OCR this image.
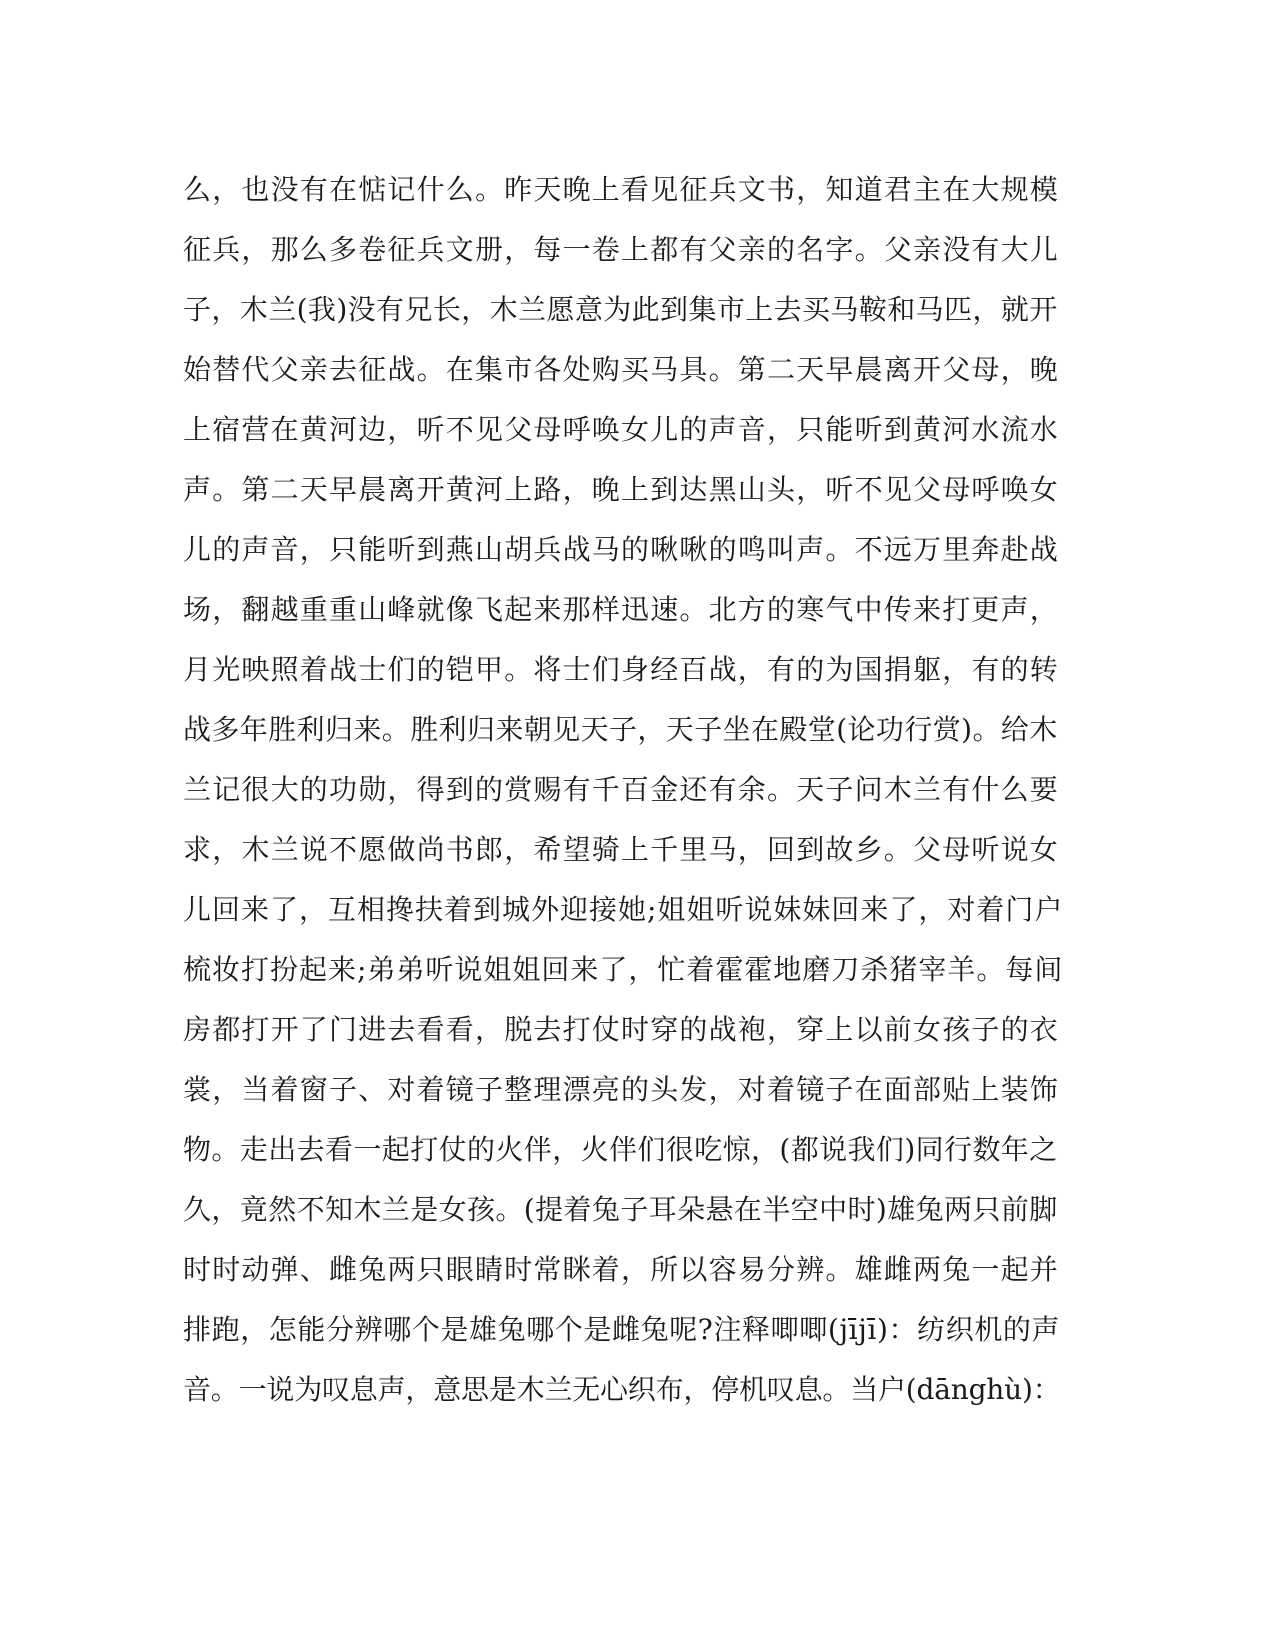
么，也没有在惦记什么。昨天晚上看见征兵文书，知道君主在大规模
征兵，那么多卷征兵文册，每一卷上都有父亲的名字。父亲没有大儿
子，木兰(我)没有兄长，木兰愿意为此到集市上去买马鞍和马匹，就开
始替代父亲去征战。在集市各处购买马具。第二天早晨离开父母，晚
上宿营在黄河边，听不见父母呼唤女儿的声音，只能听到黄河水流水
声。第二天早晨离开黄河上路，晚上到达黑山头，听不见父母呼唤女
儿的声音，只能听到燕山胡兵战马的啾啾的鸣叫声。不远万里奔赴战
场，翻越重重山峰就像飞起来那样迅速。北方的寒气中传来打更声，
月光映照着战士们的铠甲。将士们身经百战，有的为国捐躯，有的转
战多年胜利归来。胜利归来朝见天子，天子坐在殿堂(论功行赏)。给木
兰记很大的功勋，得到的赏赐有千百金还有余。天子问木兰有什么要
求，木兰说不愿做尚书郎，希望骑上千里马，回到故乡。父母听说女
儿回来了，互相搀扶着到城外迎接她;姐姐听说妹妹回来了，对着门户
梳妆打扮起来;弟弟听说姐姐回来了，忙着霍霍地磨刀杀猪宰羊。每间
房都打开了门进去看看，脱去打仗时穿的战袍，穿上以前女孩子的衣
裳，当着窗子、对着镜子整理漂亮的头发，对着镜子在面部贴上装饰
物。走出去看一起打仗的火伴，火伴们很吃惊，(都说我们)同行数年之
久，竟然不知木兰是女孩。(提着兔子耳朵悬在半空中时)雄兔两只前脚
时时动弹、雌兔两只眼睛时常眯着，所以容易分辨。雄雌两兔一起并
排跑，怎能分辨哪个是雄兔哪个是雌兔呢?注释唧唧(jījī)：纺织机的声
音。一说为叹息声，意思是木兰无心织布，停机叹息。当户(dānghù)：
